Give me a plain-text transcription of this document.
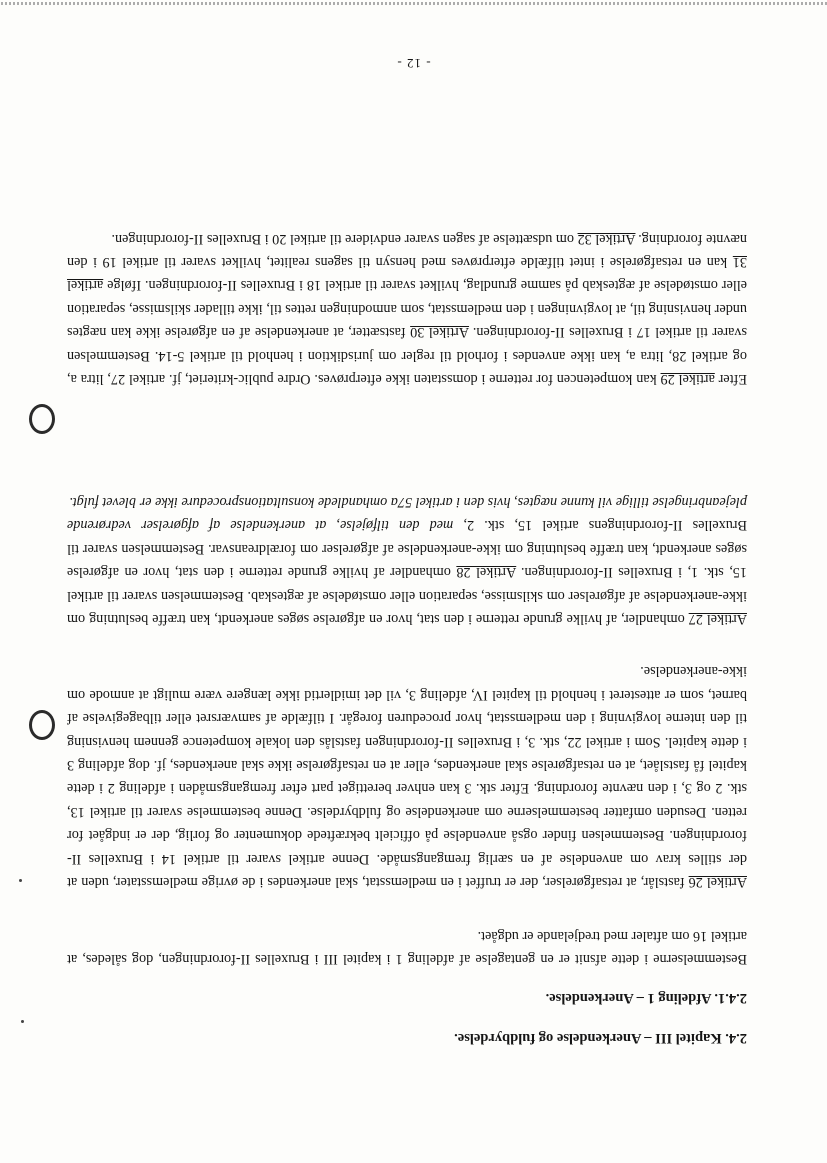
- 12 -
2.4. Kapitel III – Anerkendelse og fuldbyrdelse.
2.4.1. Afdeling 1 – Anerkendelse.

Bestemmelserne i dette afsnit er en gentagelse af afdeling 1 i kapitel III i Bruxelles II-forordningen, dog således, at artikel 16 om aftaler med tredjelande er udgået.

Artikel 26 fastslår, at retsafgørelser, der er truffet i en medlemsstat, skal anerkendes i de øvrige medlemsstater, uden at der stilles krav om anvendelse af en særlig fremgangsmåde. Denne artikel svarer til artikel 14 i Bruxelles II-forordningen. Bestemmelsen finder også anvendelse på officielt bekræftede dokumenter og forlig, der er indgået for retten. Desuden omfatter bestemmelserne om anerkendelse og fuldbyrdelse. Denne bestemmelse svarer til artikel 13, stk. 2 og 3, i den nævnte forordning. Efter stk. 3 kan enhver berettiget part efter fremgangsmåden i afdeling 2 i dette kapitel få fastslået, at en retsafgørelse skal anerkendes, eller at en retsafgørelse ikke skal anerkendes, jf. dog afdeling 3 i dette kapitel. Som i artikel 22, stk. 3, i Bruxelles II-forordningen fastslås den lokale kompetence gennem henvisning til den interne lovgivning i den medlemsstat, hvor proceduren foregår. I tilfælde af samværsret eller tilbagegivelse af barnet, som er attesteret i henhold til kapitel IV, afdeling 3, vil det imidlertid ikke længere være muligt at anmode om ikke-anerkendelse.

Artikel 27 omhandler, af hvilke grunde retterne i den stat, hvor en afgørelse søges anerkendt, kan træffe beslutning om ikke-anerkendelse af afgørelser om skilsmisse, separation eller omstødelse af ægteskab. Bestemmelsen svarer til artikel 15, stk. 1, i Bruxelles II-forordningen. Artikel 28 omhandler af hvilke grunde retterne i den stat, hvor en afgørelse søges anerkendt, kan træffe beslutning om ikke-anerkendelse af afgørelser om forældreansvar. Bestemmelsen svarer til Bruxelles II-forordningens artikel 15, stk. 2, med den tilføjelse, at anerkendelse af afgørelser vedrørende plejeanbringelse tillige vil kunne nægtes, hvis den i artikel 57a omhandlede konsultationsprocedure ikke er blevet fulgt.

Efter artikel 29 kan kompetencen for retterne i domsstaten ikke efterprøves. Ordre public-kriteriet, jf. artikel 27, litra a, og artikel 28, litra a, kan ikke anvendes i forhold til regler om jurisdiktion i henhold til artikel 5-14. Bestemmelsen svarer til artikel 17 i Bruxelles II-forordningen. Artikel 30 fastsætter, at anerkendelse af en afgørelse ikke kan nægtes under henvisning til, at lovgivningen i den medlemsstat, som anmodningen rettes til, ikke tillader skilsmisse, separation eller omstødelse af ægteskab på samme grundlag, hvilket svarer til artikel 18 i Bruxelles II-forordningen. Ifølge artikel 31 kan en retsafgørelse i intet tilfælde efterprøves med hensyn til sagens realitet, hvilket svarer til artikel 19 i den nævnte forordning. Artikel 32 om udsættelse af sagen svarer endvidere til artikel 20 i Bruxelles II-forordningen.
